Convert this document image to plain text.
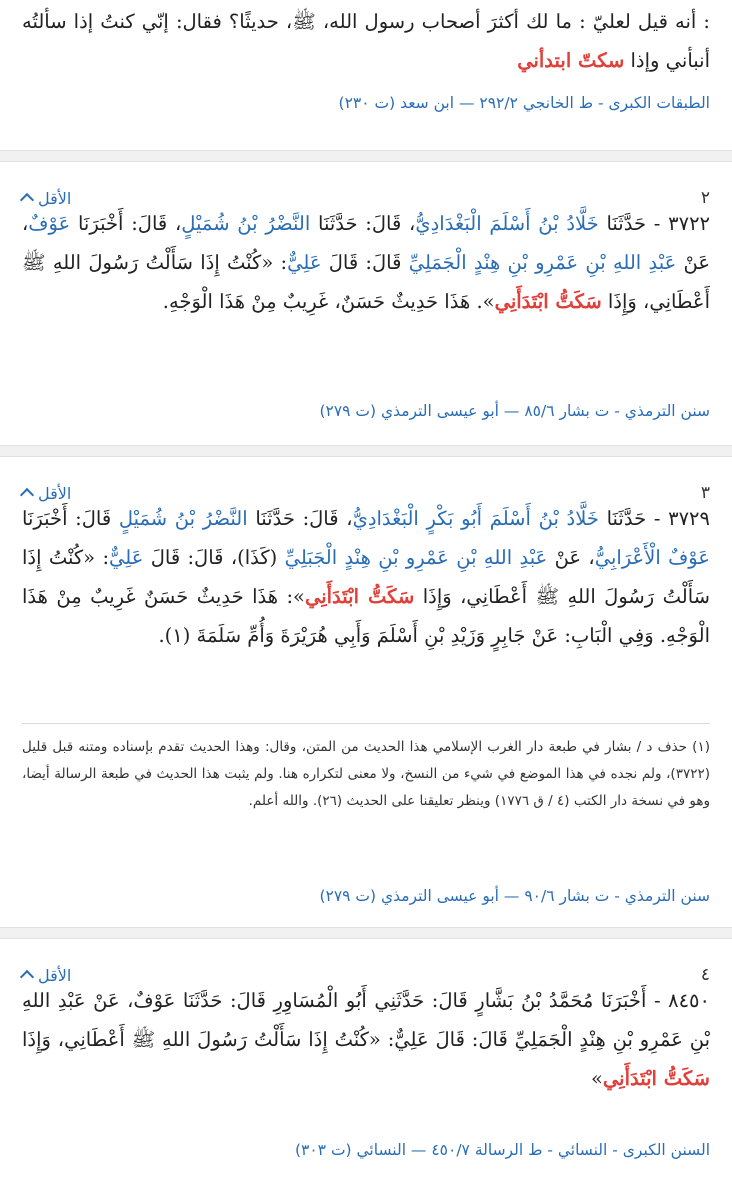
: أنه قيل لعليّ : ما لك أكثرَ أصحاب رسول الله، ﷺ، حديثًا؟ فقال: إنّي كنتُ إذا سألتُه أنبأني وإذا سكتّ ابتدأني
الطبقات الكبرى - ط الخانجي ٢٩٢/٢ — ابن سعد (ت ٢٣٠)
٢
الأقل
٣٧٢٢ - حَدَّثَنَا خَلَّادُ بْنُ أَسْلَمَ الْبَغْدَادِيُّ، قَالَ: حَدَّثَنَا النَّضْرُ بْنُ شُمَيْلٍ، قَالَ: أَخْبَرَنَا عَوْفٌ، عَنْ عَبْدِ اللهِ بْنِ عَمْرِو بْنِ هِنْدٍ الْجَمَلِيِّ قَالَ: قَالَ عَلِيٌّ: «كُنْتُ إِذَا سَأَلْتُ رَسُولَ اللهِ ﷺ أَعْطَانِي، وَإِذَا سَكَتُّ ابْتَدَأَنِي». هَذَا حَدِيثٌ حَسَنٌ، غَرِيبٌ مِنْ هَذَا الْوَجْهِ.
سنن الترمذي - ت بشار ٨٥/٦ — أبو عيسى الترمذي (ت ٢٧٩)
٣
الأقل
٣٧٢٩ - حَدَّثَنَا خَلَّادُ بْنُ أَسْلَمَ أَبُو بَكْرٍ الْبَغْدَادِيُّ، قَالَ: حَدَّثَنَا النَّضْرُ بْنُ شُمَيْلٍ قَالَ: أَخْبَرَنَا عَوْفٌ الْأَعْرَابِيُّ، عَنْ عَبْدِ اللهِ بْنِ عَمْرِو بْنِ هِنْدٍ الْجَبَلِيِّ (كَذَا)، قَالَ: قَالَ عَلِيٌّ: «كُنْتُ إِذَا سَأَلْتُ رَسُولَ اللهِ ﷺ أَعْطَانِي، وَإِذَا سَكَتُّ ابْتَدَأَنِي»: هَذَا حَدِيثٌ حَسَنٌ غَرِيبٌ مِنْ هَذَا الْوَجْهِ. وَفِي الْبَابِ: عَنْ جَابِرٍ وَزَيْدِ بْنِ أَسْلَمَ وَأَبِي هُرَيْرَةَ وَأُمِّ سَلَمَةَ (١).
(١) حذف د / بشار في طبعة دار الغرب الإسلامي هذا الحديث من المتن، وقال: وهذا الحديث تقدم بإسناده ومتنه قبل قليل (٣٧٢٢)، ولم نجده في هذا الموضع في شيء من النسخ، ولا معنى لتكراره هنا. ولم يثبت هذا الحديث في طبعة الرسالة أيضا، وهو في نسخة دار الكتب (٤ / ق ١٧٧٦) وينظر تعليقنا على الحديث (٢٦). والله أعلم.
سنن الترمذي - ت بشار ٩٠/٦ — أبو عيسى الترمذي (ت ٢٧٩)
٤
الأقل
٨٤٥٠ - أَخْبَرَنَا مُحَمَّدُ بْنُ بَشَّارٍ قَالَ: حَدَّثَنِي أَبُو الْمُسَاوِرِ قَالَ: حَدَّثَنَا عَوْفٌ، عَنْ عَبْدِ اللهِ بْنِ عَمْرِو بْنِ هِنْدٍ الْجَمَلِيِّ قَالَ: قَالَ عَلِيٌّ: «كُنْتُ إِذَا سَأَلْتُ رَسُولَ اللهِ ﷺ أَعْطَانِي، وَإِذَا سَكَتُّ ابْتَدَأَنِي»
السنن الكبرى - النسائي - ط الرسالة ٤٥٠/٧ — النسائي (ت ٣٠٣)
